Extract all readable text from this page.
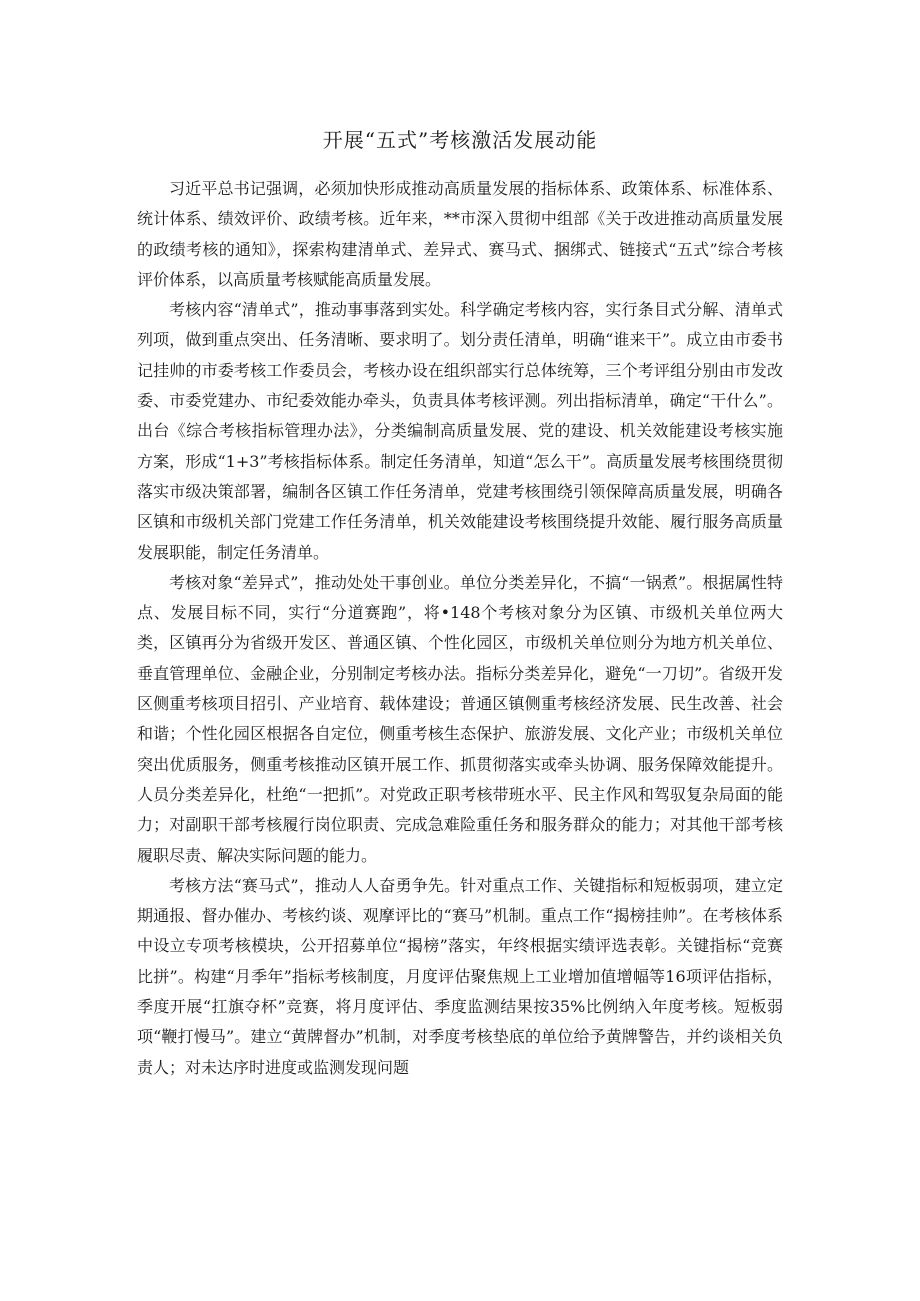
开展“五式”考核激活发展动能

习近平总书记强调，必须加快形成推动高质量发展的指标体系、政策体系、标准体系、统计体系、绩效评价、政绩考核。近年来，**市深入贯彻中组部《关于改进推动高质量发展的政绩考核的通知》，探索构建清单式、差异式、赛马式、捆绑式、链接式“五式”综合考核评价体系，以高质量考核赋能高质量发展。

考核内容“清单式”，推动事事落到实处。科学确定考核内容，实行条目式分解、清单式列项，做到重点突出、任务清晰、要求明了。划分责任清单，明确“谁来干”。成立由市委书记挂帅的市委考核工作委员会，考核办设在组织部实行总体统筹，三个考评组分别由市发改委、市委党建办、市纪委效能办牵头，负责具体考核评测。列出指标清单，确定“干什么”。出台《综合考核指标管理办法》，分类编制高质量发展、党的建设、机关效能建设考核实施方案，形成“1+3”考核指标体系。制定任务清单，知道“怎么干”。高质量发展考核围绕贯彻落实市级决策部署，编制各区镇工作任务清单，党建考核围绕引领保障高质量发展，明确各区镇和市级机关部门党建工作任务清单，机关效能建设考核围绕提升效能、履行服务高质量发展职能，制定任务清单。

考核对象“差异式”，推动处处干事创业。单位分类差异化，不搞“一锅煮”。根据属性特点、发展目标不同，实行“分道赛跑”，将•148个考核对象分为区镇、市级机关单位两大类，区镇再分为省级开发区、普通区镇、个性化园区，市级机关单位则分为地方机关单位、垂直管理单位、金融企业，分别制定考核办法。指标分类差异化，避免“一刀切”。省级开发区侧重考核项目招引、产业培育、载体建设；普通区镇侧重考核经济发展、民生改善、社会和谐；个性化园区根据各自定位，侧重考核生态保护、旅游发展、文化产业；市级机关单位突出优质服务，侧重考核推动区镇开展工作、抓贯彻落实或牵头协调、服务保障效能提升。人员分类差异化，杜绝“一把抓”。对党政正职考核带班水平、民主作风和驾驭复杂局面的能力；对副职干部考核履行岗位职责、完成急难险重任务和服务群众的能力；对其他干部考核履职尽责、解决实际问题的能力。

考核方法“赛马式”，推动人人奋勇争先。针对重点工作、关键指标和短板弱项，建立定期通报、督办催办、考核约谈、观摩评比的“赛马”机制。重点工作“揭榜挂帅”。在考核体系中设立专项考核模块，公开招募单位“揭榜”落实，年终根据实绩评选表彰。关键指标“竞赛比拼”。构建“月季年”指标考核制度，月度评估聚焦规上工业增加值增幅等16项评估指标，季度开展“扛旗夺杯”竞赛，将月度评估、季度监测结果按35%比例纳入年度考核。短板弱项“鞭打慢马”。建立“黄牌督办”机制，对季度考核垫底的单位给予黄牌警告，并约谈相关负责人；对未达序时进度或监测发现问题
